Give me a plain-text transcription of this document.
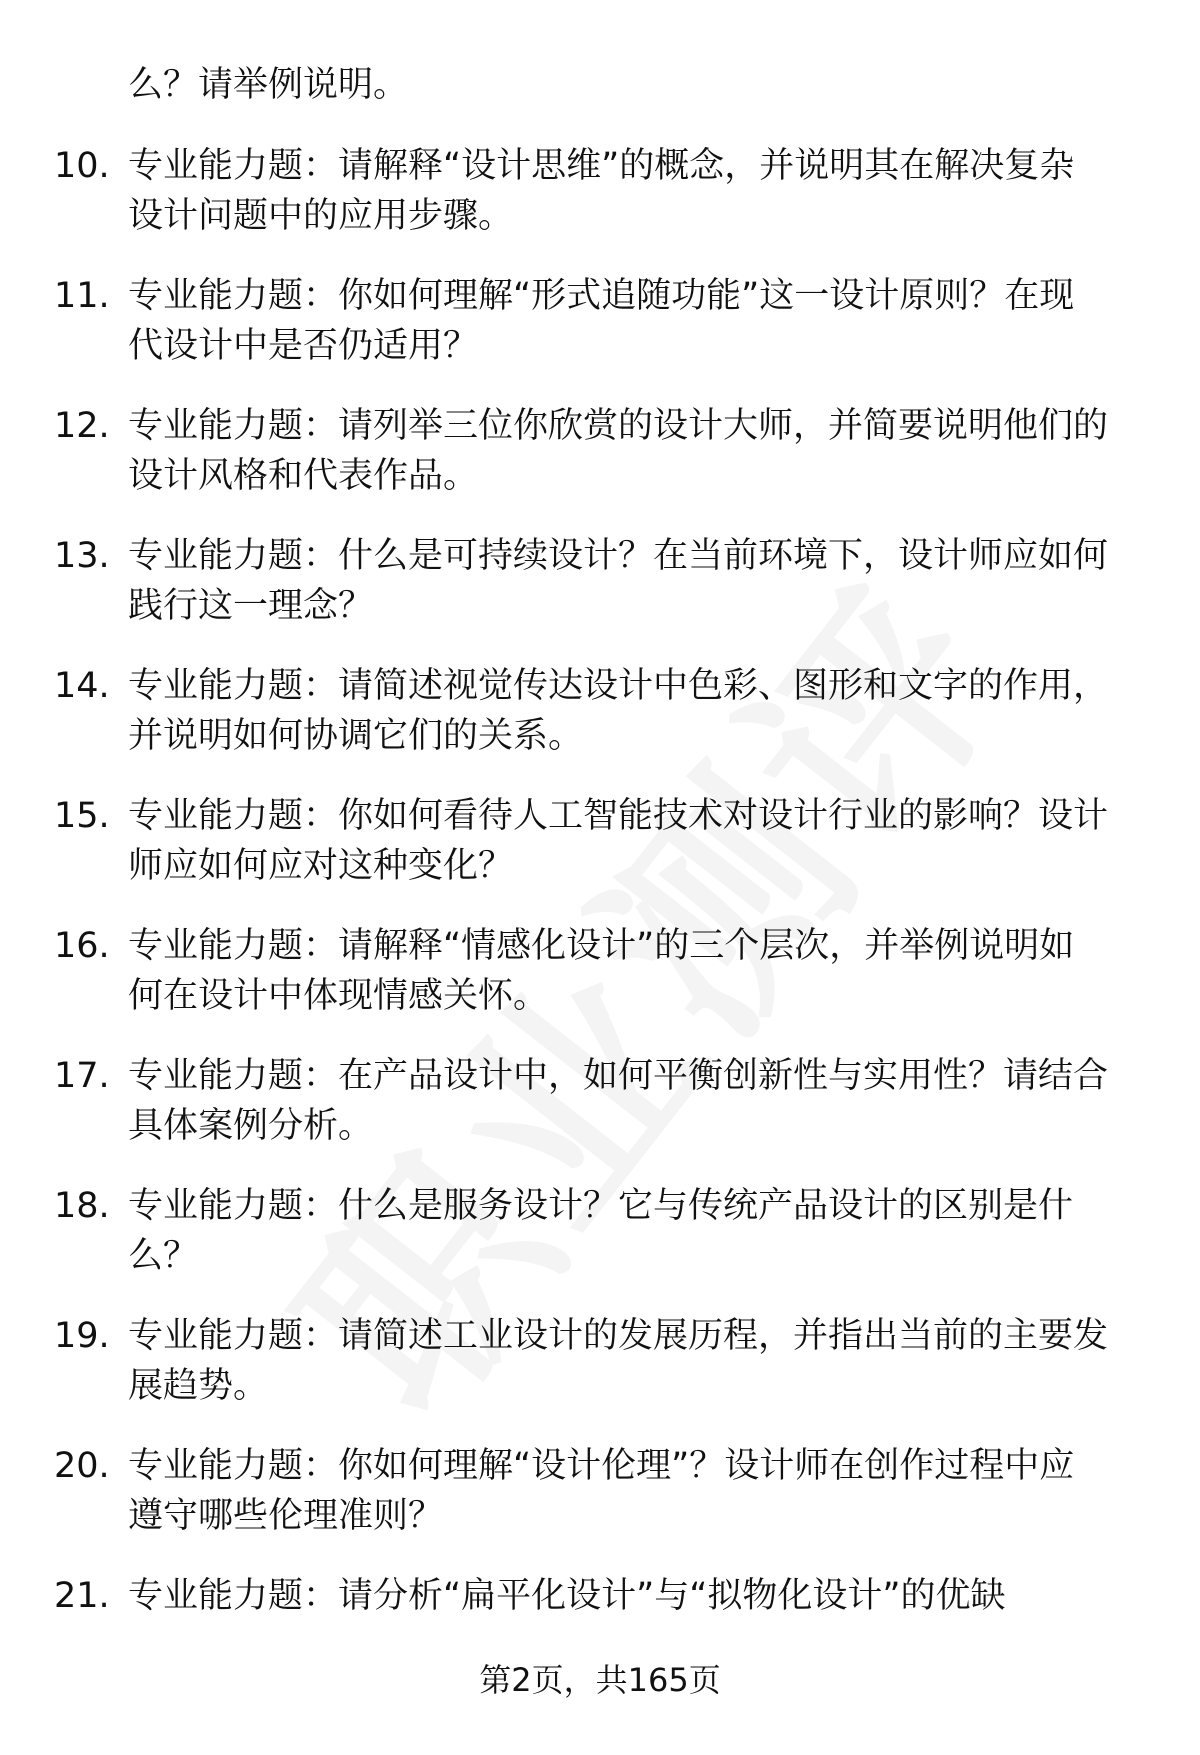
么？请举例说明。
10. 专业能力题：请解释“设计思维”的概念，并说明其在解决复杂
设计问题中的应用步骤。
11. 专业能力题：你如何理解“形式追随功能”这一设计原则？在现
代设计中是否仍适用？
12. 专业能力题：请列举三位你欣赏的设计大师，并简要说明他们的
设计风格和代表作品。
13. 专业能力题：什么是可持续设计？在当前环境下，设计师应如何
践行这一理念？
14. 专业能力题：请简述视觉传达设计中色彩、图形和文字的作用，
并说明如何协调它们的关系。
15. 专业能力题：你如何看待人工智能技术对设计行业的影响？设计
师应如何应对这种变化？
16. 专业能力题：请解释“情感化设计”的三个层次，并举例说明如
何在设计中体现情感关怀。
17. 专业能力题：在产品设计中，如何平衡创新性与实用性？请结合
具体案例分析。
18. 专业能力题：什么是服务设计？它与传统产品设计的区别是什
么？
19. 专业能力题：请简述工业设计的发展历程，并指出当前的主要发
展趋势。
20. 专业能力题：你如何理解“设计伦理”？设计师在创作过程中应
遵守哪些伦理准则？
21. 专业能力题：请分析“扁平化设计”与“拟物化设计”的优缺
第2页，共165页
